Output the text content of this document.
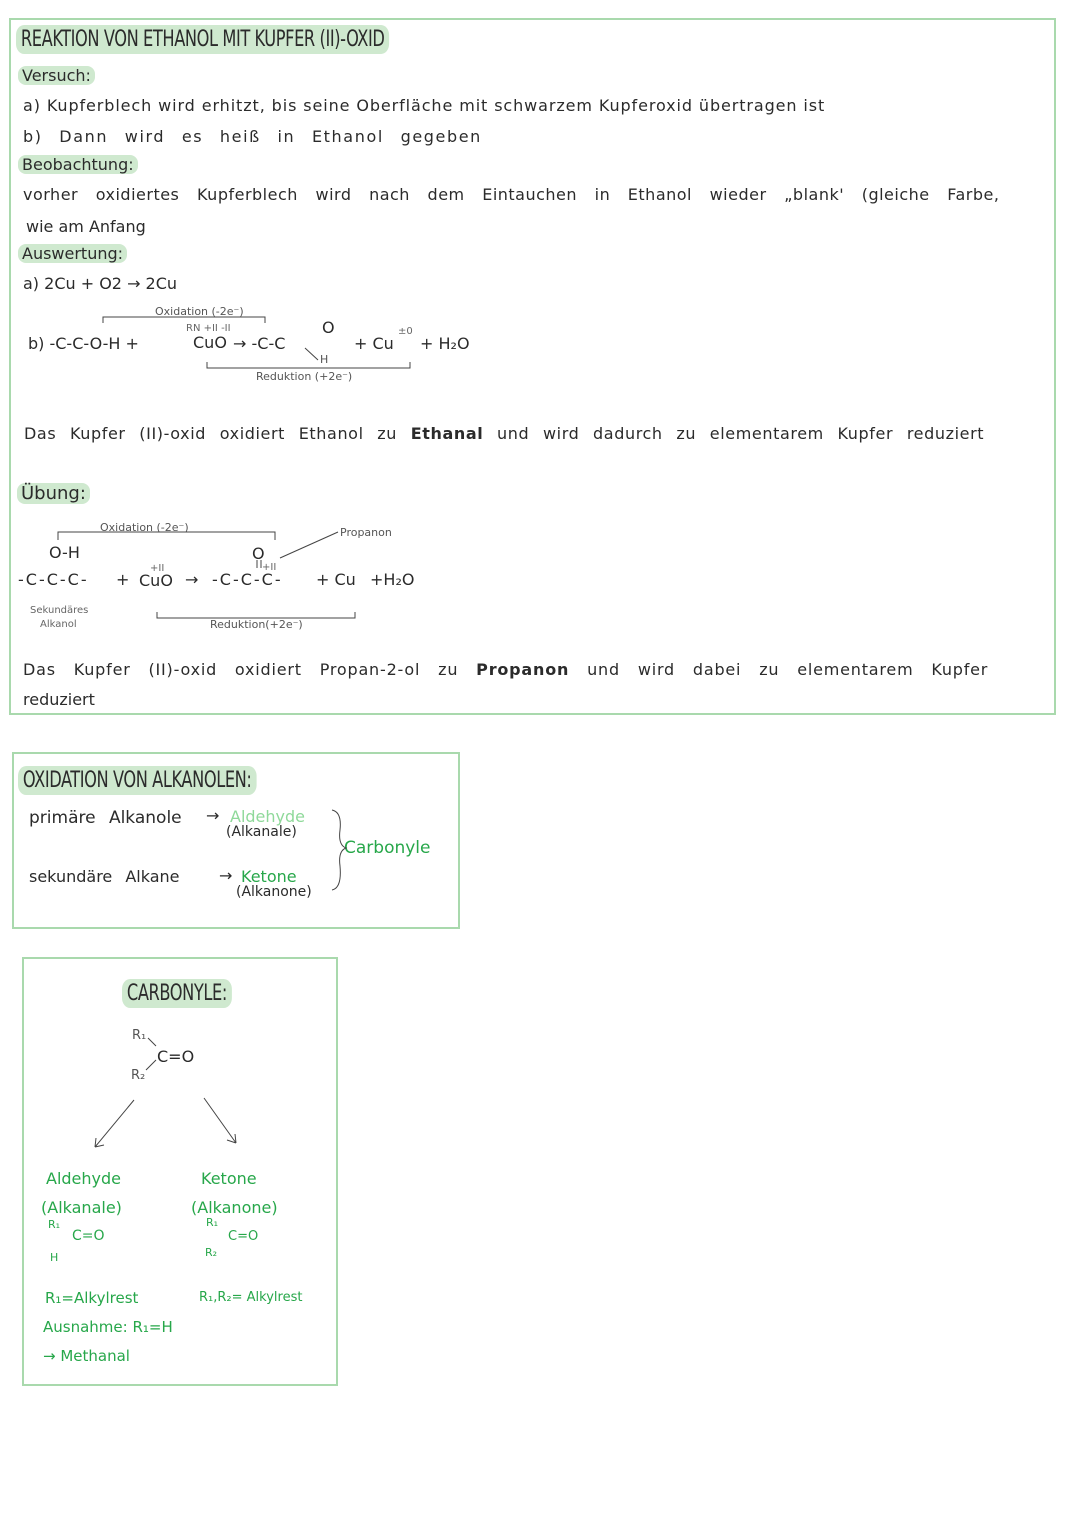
REAKTION VON ETHANOL MIT KUPFER (II)-OXID
Versuch:
a) Kupferblech wird erhitzt, bis seine Oberfläche mit schwarzem Kupferoxid übertragen ist
b) Dann wird es heiß in Ethanol gegeben
Beobachtung:
vorher oxidiertes Kupferblech wird nach dem Eintauchen in Ethanol wieder „blank' (gleiche Farbe,
wie am Anfang
Auswertung:
a) 2Cu + O2 → 2Cu
Oxidation (-2e⁻)
RN +II -II
b) -C-C-O-H +	CuO → -C-C
O
H
+ Cu
±0
+ H₂O
Reduktion (+2e⁻)
Das Kupfer (II)-oxid oxidiert Ethanol zu Ethanal und wird dadurch zu elementarem Kupfer reduziert
Übung:
Oxidation (-2e⁻)	Propanon
O-H
-C-C-C- +
+II
CuO →
O
+II
-C-C-C- + Cu +H₂O
Sekundäres
Alkanol	Reduktion(+2e⁻)
Das Kupfer (II)-oxid oxidiert Propan-2-ol zu Propanon und wird dabei zu elementarem Kupfer
reduziert
OXIDATION VON ALKANOLEN:
primäre Alkanole → Aldehyde
(Alkanale)
sekundäre Alkane → Ketone
(Alkanone)
Carbonyle
CARBONYLE:
R₁
C=O
R₂
Aldehyde
(Alkanale)
R₁
C=O
H
Ketone
(Alkanone)
R₁
C=O
R₂
R₁=Alkylrest
Ausnahme: R₁=H
→ Methanal
R₁,R₂= Alkylrest
